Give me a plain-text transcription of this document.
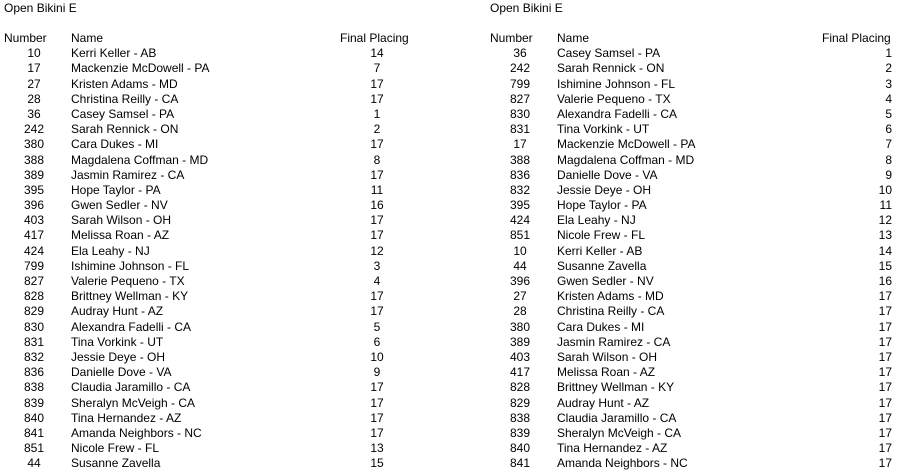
Open Bikini E
Number Name	Final Placing
10	Kerri Keller - AB	14
17	Mackenzie McDowell - PA	7
27	Kristen Adams - MD	17
28	Christina Reilly - CA	17
36	Casey Samsel - PA	1
242	Sarah Rennick - ON	2
380	Cara Dukes - MI	17
388	Magdalena Coffman - MD	8
389	Jasmin Ramirez - CA	17
395	Hope Taylor - PA	11
396	Gwen Sedler - NV	16
403	Sarah Wilson - OH	17
417	Melissa Roan - AZ	17
424	Ela Leahy - NJ	12
799	Ishimine Johnson - FL	3
827	Valerie Pequeno - TX	4
828	Brittney Wellman - KY	17
829	Audray Hunt - AZ	17
830	Alexandra Fadelli - CA	5
831	Tina Vorkink - UT	6
832	Jessie Deye - OH	10
836	Danielle Dove - VA	9
838	Claudia Jaramillo - CA	17
839	Sheralyn McVeigh - CA	17
840	Tina Hernandez - AZ	17
841	Amanda Neighbors - NC	17
851	Nicole Frew - FL	13
44	Susanne Zavella	15
Open Bikini E
Number Name	Final Placing
36	Casey Samsel - PA	1
242	Sarah Rennick - ON	2
799	Ishimine Johnson - FL	3
827	Valerie Pequeno - TX	4
830	Alexandra Fadelli - CA	5
831	Tina Vorkink - UT	6
17	Mackenzie McDowell - PA	7
388	Magdalena Coffman - MD	8
836	Danielle Dove - VA	9
832	Jessie Deye - OH	10
395	Hope Taylor - PA	11
424	Ela Leahy - NJ	12
851	Nicole Frew - FL	13
10	Kerri Keller - AB	14
44	Susanne Zavella	15
396	Gwen Sedler - NV	16
27	Kristen Adams - MD	17
28	Christina Reilly - CA	17
380	Cara Dukes - MI	17
389	Jasmin Ramirez - CA	17
403	Sarah Wilson - OH	17
417	Melissa Roan - AZ	17
828	Brittney Wellman - KY	17
829	Audray Hunt - AZ	17
838	Claudia Jaramillo - CA	17
839	Sheralyn McVeigh - CA	17
840	Tina Hernandez - AZ	17
841	Amanda Neighbors - NC	17
